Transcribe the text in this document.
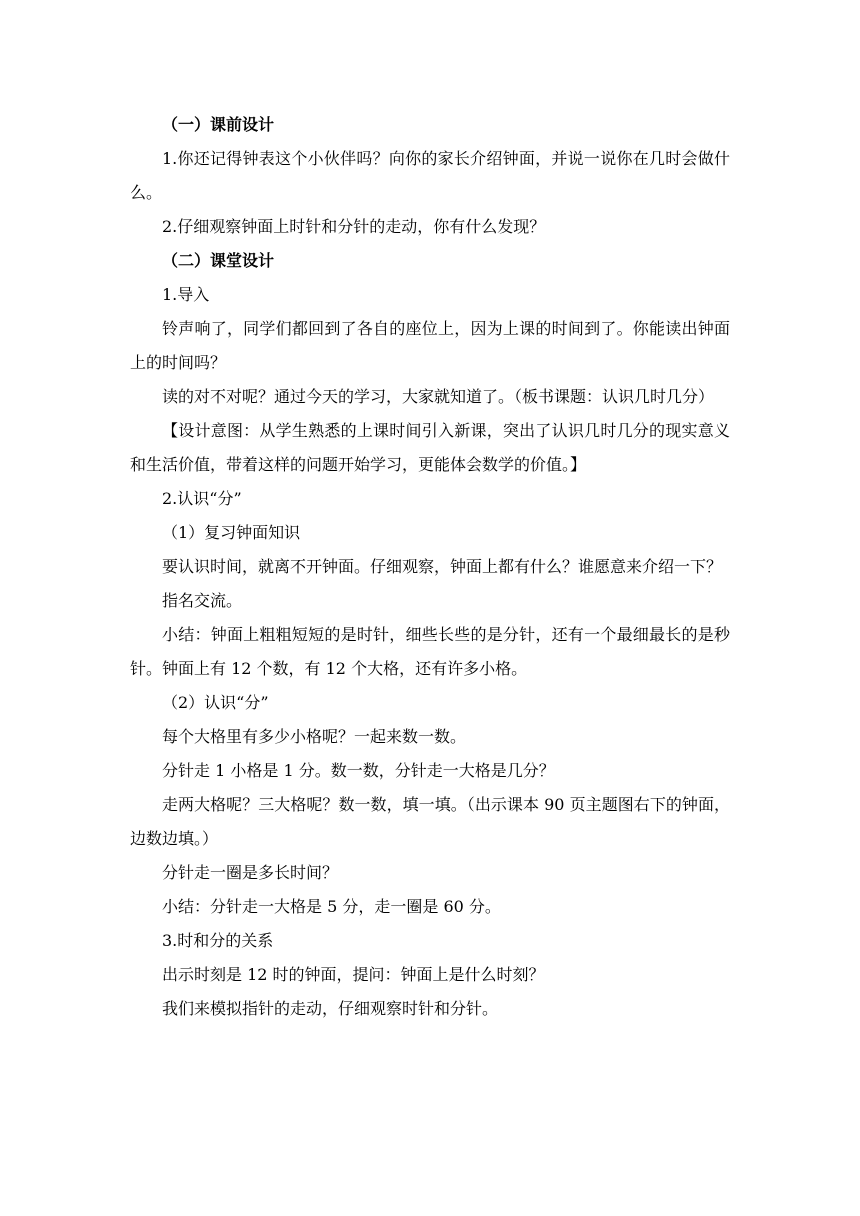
（一）课前设计

1.你还记得钟表这个小伙伴吗？向你的家长介绍钟面，并说一说你在几时会做什么。

2.仔细观察钟面上时针和分针的走动，你有什么发现？

（二）课堂设计

1.导入

铃声响了，同学们都回到了各自的座位上，因为上课的时间到了。你能读出钟面上的时间吗？

读的对不对呢？通过今天的学习，大家就知道了。（板书课题：认识几时几分）

【设计意图：从学生熟悉的上课时间引入新课，突出了认识几时几分的现实意义和生活价值，带着这样的问题开始学习，更能体会数学的价值。】

2.认识“分”

（1）复习钟面知识

要认识时间，就离不开钟面。仔细观察，钟面上都有什么？谁愿意来介绍一下？

指名交流。

小结：钟面上粗粗短短的是时针，细些长些的是分针，还有一个最细最长的是秒针。钟面上有 12 个数，有 12 个大格，还有许多小格。

（2）认识“分”

每个大格里有多少小格呢？一起来数一数。

分针走 1 小格是 1 分。数一数，分针走一大格是几分？

走两大格呢？三大格呢？数一数，填一填。（出示课本 90 页主题图右下的钟面，边数边填。）

分针走一圈是多长时间？

小结：分针走一大格是 5 分，走一圈是 60 分。

3.时和分的关系

出示时刻是 12 时的钟面，提问：钟面上是什么时刻？

我们来模拟指针的走动，仔细观察时针和分针。
